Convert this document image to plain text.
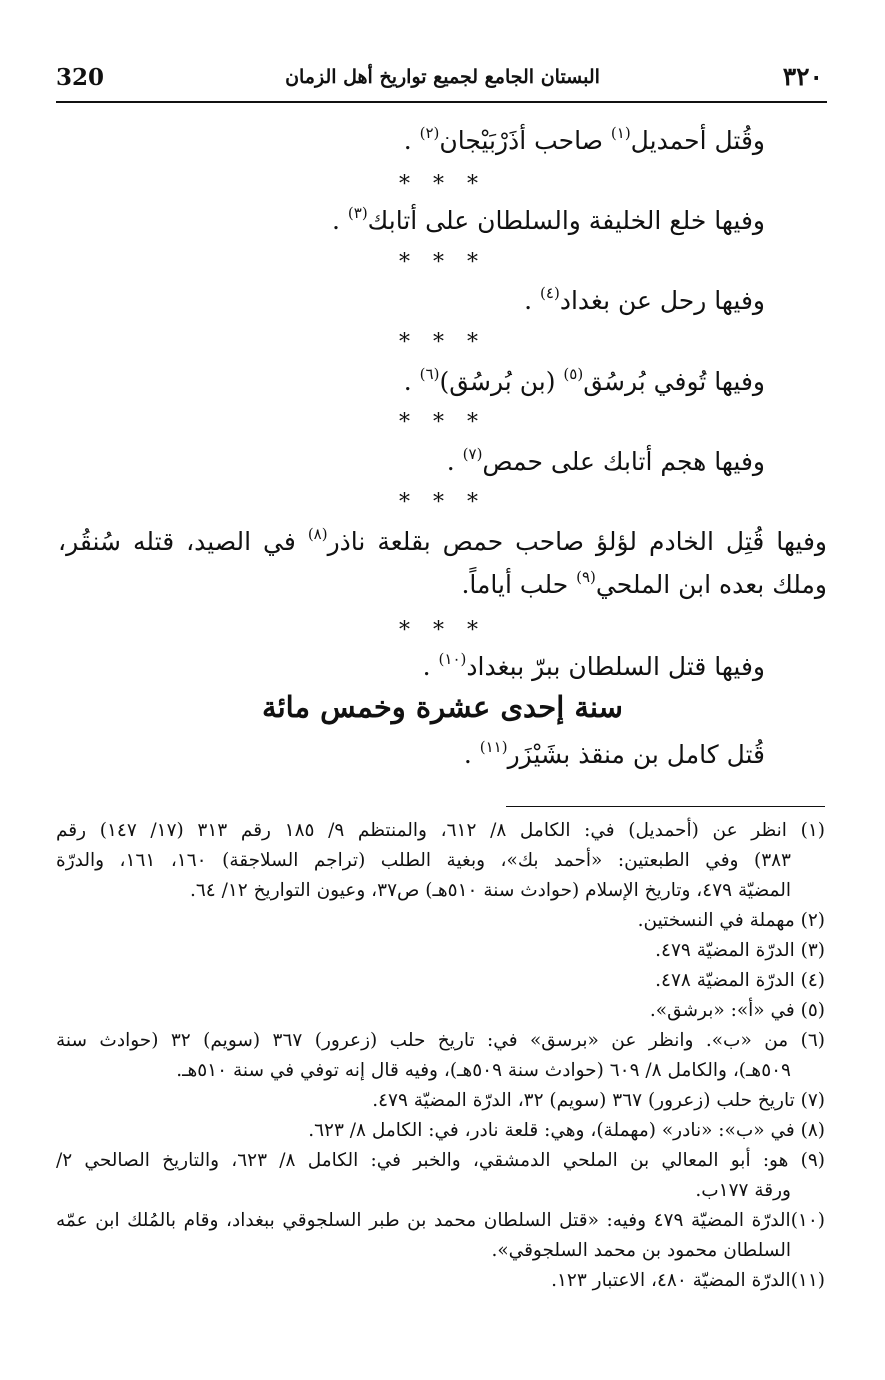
320	البستان الجامع لجميع تواريخ أهل الزمان	٣٢٠
وقُتل أحمديل$^{(١)}$ صاحب أذَرْبَيْجان$^{(٢)}$ .
* * *
وفيها خلع الخليفة والسلطان على أتابك$^{(٣)}$ .
* * *
وفيها رحل عن بغداد$^{(٤)}$ .
* * *
وفيها تُوفي بُرسُق$^{(٥)}$ (بن بُرسُق)$^{(٦)}$ .
* * *
وفيها هجم أتابك على حمص$^{(٧)}$ .
* * *
وفيها قُتِل الخادم لؤلؤ صاحب حمص بقلعة ناذر$^{(٨)}$ في الصيد، قتله سُنقُر،
وملك بعده ابن الملحي$^{(٩)}$ حلب أياماً.
* * *
وفيها قتل السلطان ببرّ ببغداد$^{(١٠)}$ .
سنة إحدى عشرة وخمس مائة
قُتل كامل بن منقذ بشَيْزَر$^{(١١)}$ .
(١) انظر عن (أحمديل) في: الكامل ٨/ ٦١٢، والمنتظم ٩/ ١٨٥ رقم ٣١٣ (١٧/ ١٤٧) رقم
٣٨٣) وفي الطبعتين: «أحمد بك»، وبغية الطلب (تراجم السلاجقة) ١٦٠، ١٦١، والدرّة
المضيّة ٤٧٩، وتاريخ الإسلام (حوادث سنة ٥١٠هـ) ص٣٧، وعيون التواريخ ١٢/ ٦٤.
(٢) مهملة في النسختين.
(٣) الدرّة المضيّة ٤٧٩.
(٤) الدرّة المضيّة ٤٧٨.
(٥) في «أ»: «برشق».
(٦) من «ب». وانظر عن «برسق» في: تاريخ حلب (زعرور) ٣٦٧ (سويم) ٣٢ (حوادث سنة
٥٠٩هـ)، والكامل ٨/ ٦٠٩ (حوادث سنة ٥٠٩هـ)، وفيه قال إنه توفي في سنة ٥١٠هـ.
(٧) تاريخ حلب (زعرور) ٣٦٧ (سويم) ٣٢، الدرّة المضيّة ٤٧٩.
(٨) في «ب»: «نادر» (مهملة)، وهي: قلعة نادر، في: الكامل ٨/ ٦٢٣.
(٩) هو: أبو المعالي بن الملحي الدمشقي، والخبر في: الكامل ٨/ ٦٢٣، والتاريخ الصالحي ٢/
ورقة ١٧٧ب.
(١٠)الدرّة المضيّة ٤٧٩ وفيه: «قتل السلطان محمد بن طبر السلجوقي ببغداد، وقام بالمُلك ابن عمّه
السلطان محمود بن محمد السلجوقي».
(١١)الدرّة المضيّة ٤٨٠، الاعتبار ١٢٣.
